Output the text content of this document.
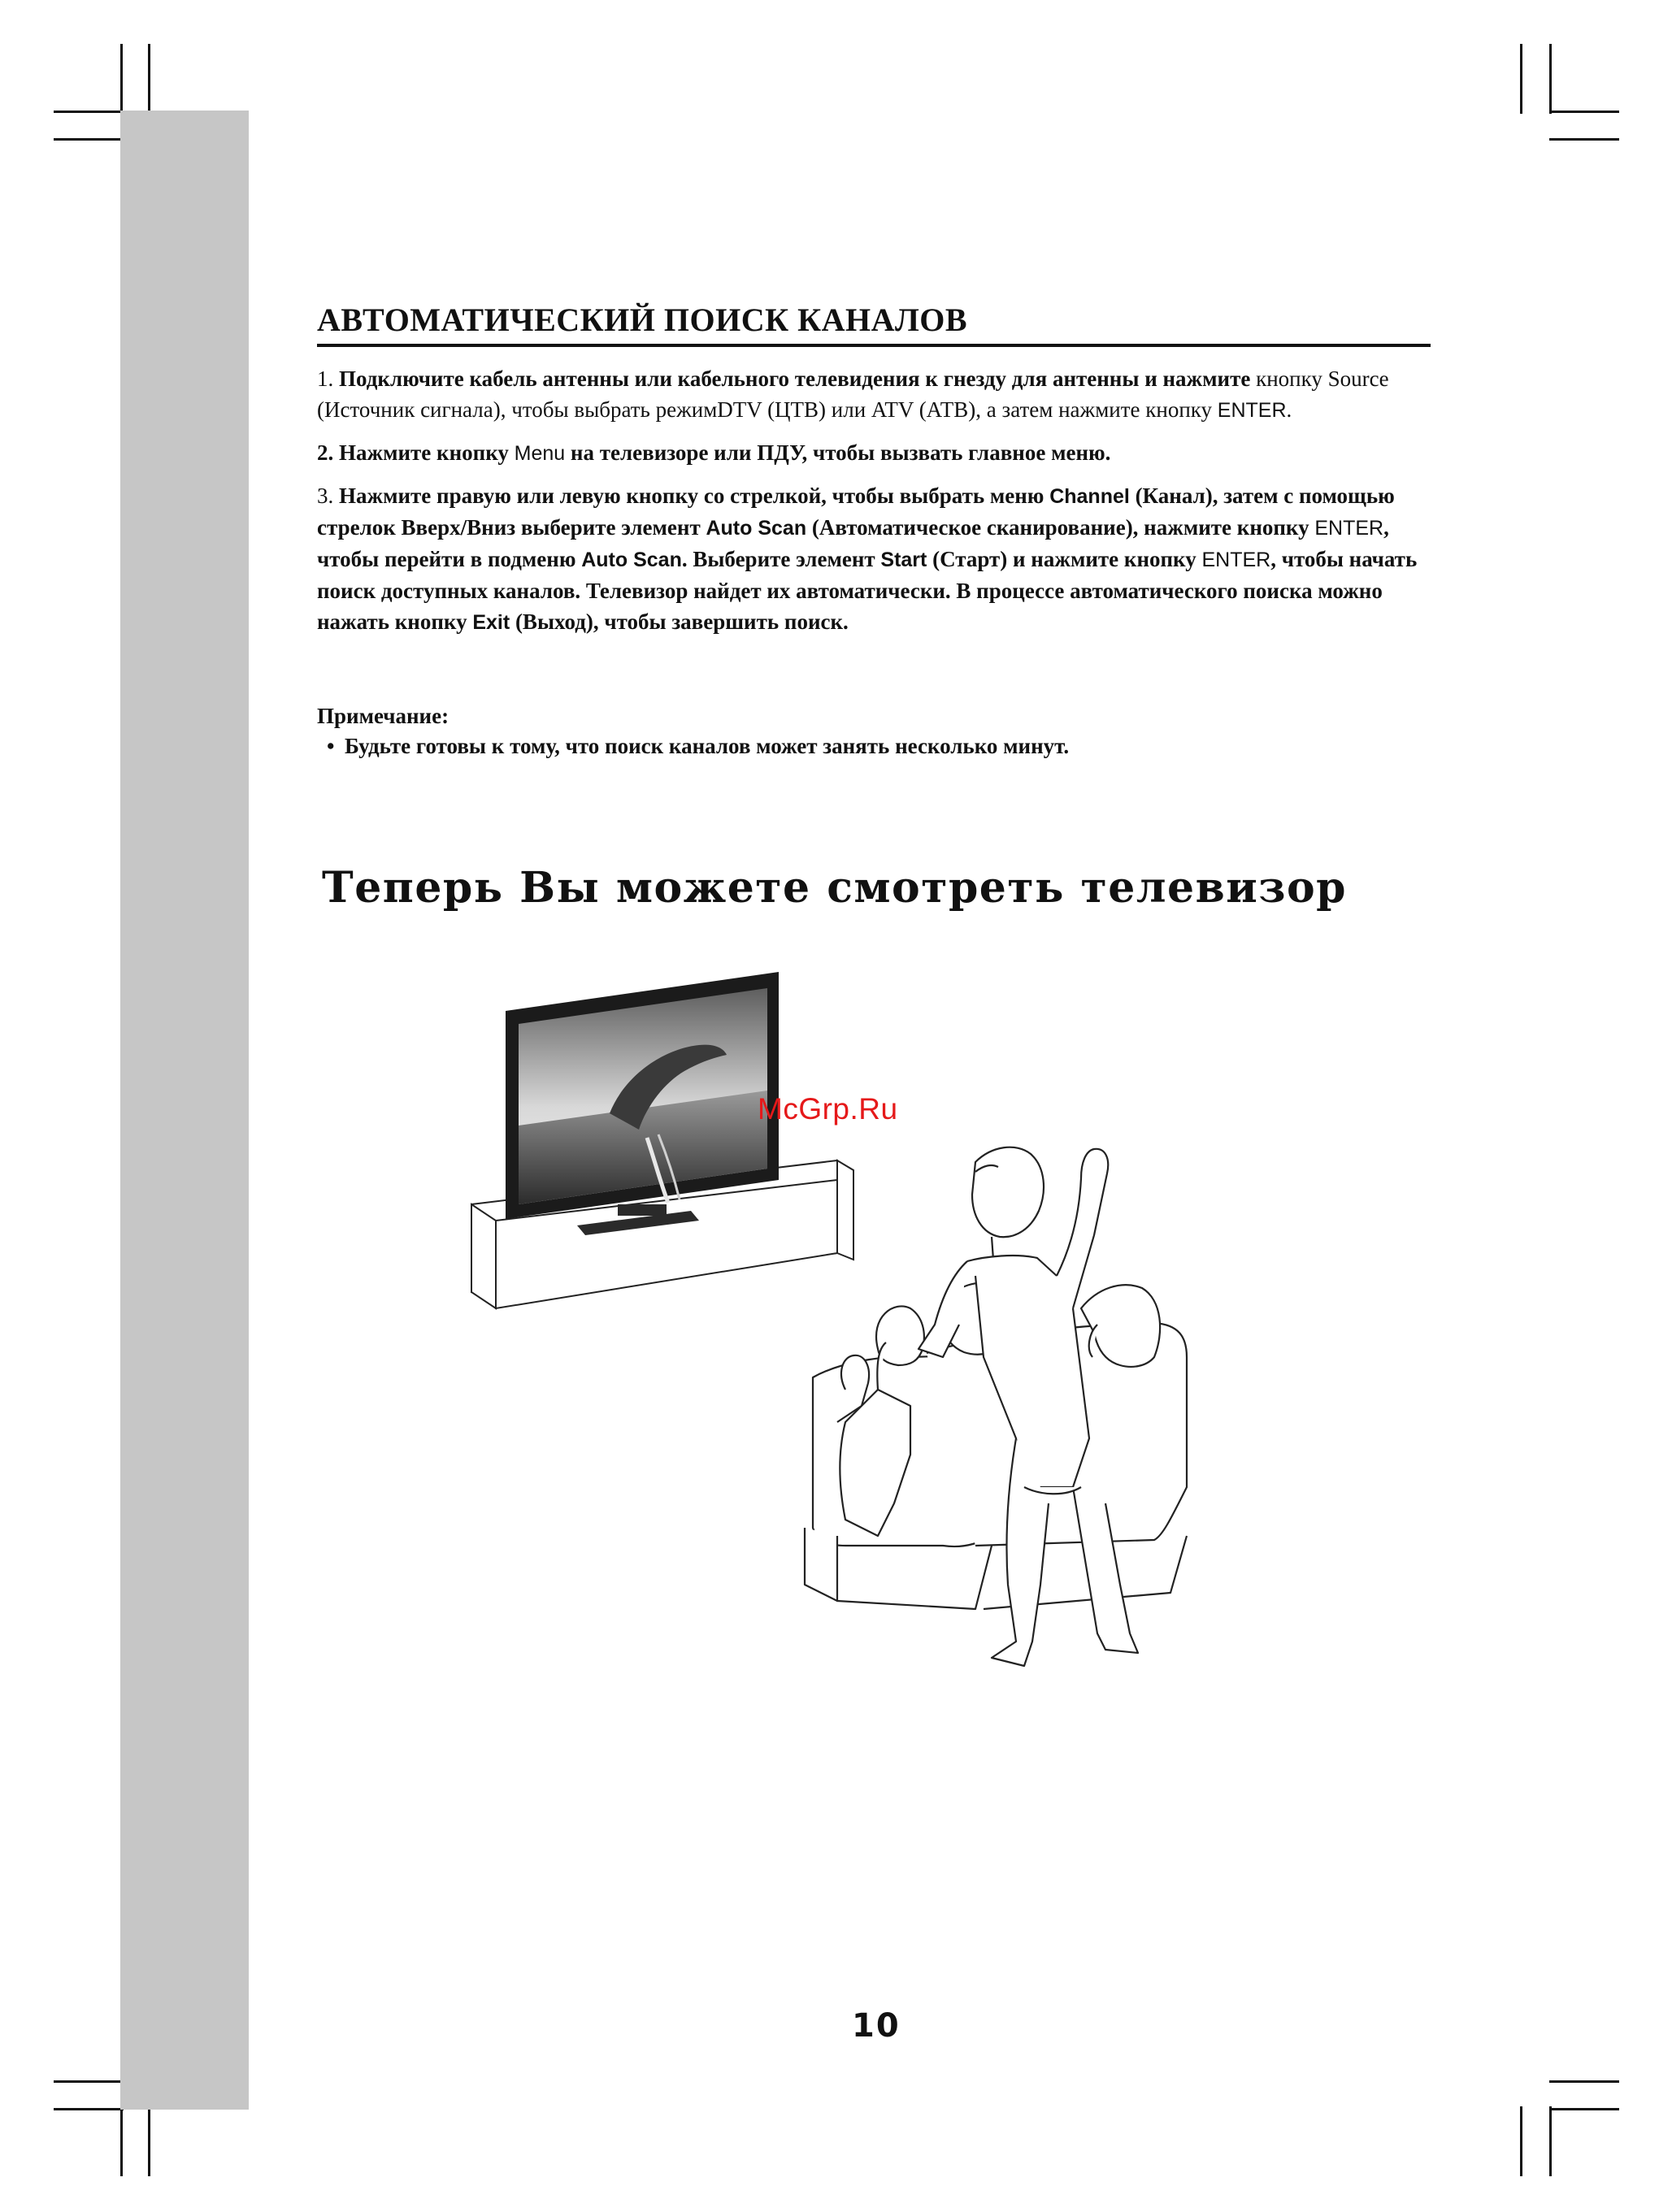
АВТОМАТИЧЕСКИЙ ПОИСК КАНАЛОВ

1. Подключите кабель антенны или кабельного телевидения к гнезду для антенны и нажмите кнопку Source (Источник сигнала), чтобы выбрать режимDTV (ЦТВ) или ATV (АТВ), а затем нажмите кнопку ENTER.

2. Нажмите кнопку Menu на телевизоре или ПДУ, чтобы вызвать главное меню.

3. Нажмите правую или левую кнопку со стрелкой, чтобы выбрать меню Channel (Канал), затем с помощью стрелок Вверх/Вниз выберите элемент Auto Scan (Автоматическое сканирование), нажмите кнопку ENTER, чтобы перейти в подменю Auto Scan. Выберите элемент Start (Старт) и нажмите кнопку ENTER, чтобы начать поиск доступных каналов. Телевизор найдет их автоматически. В процессе автоматического поиска можно нажать кнопку Exit (Выход), чтобы завершить поиск.

Примечание:
• Будьте готовы к тому, что поиск каналов может занять несколько минут.
Теперь Вы можете смотреть телевизор
McGrp.Ru
10
